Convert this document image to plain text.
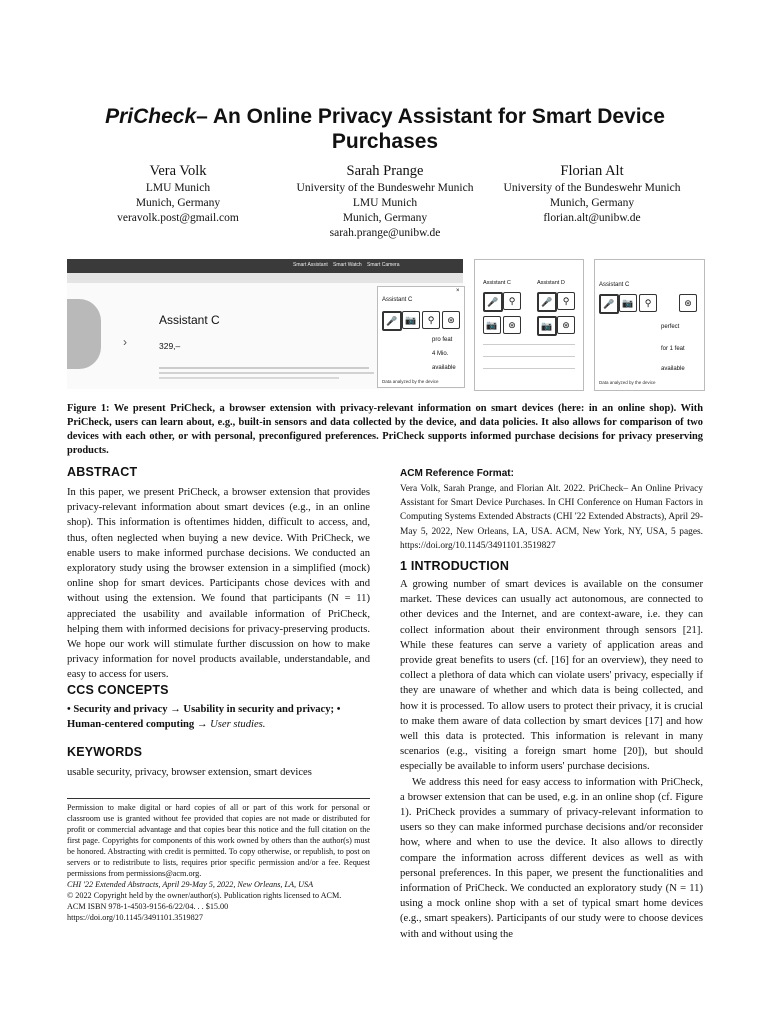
PriCheck– An Online Privacy Assistant for Smart Device Purchases
Vera Volk
LMU Munich
Munich, Germany
veravolk.post@gmail.com
Sarah Prange
University of the Bundeswehr Munich
LMU Munich
Munich, Germany
sarah.prange@unibw.de
Florian Alt
University of the Bundeswehr Munich
Munich, Germany
florian.alt@unibw.de
Smart Assistant Smart Watch Smart Camera
›
Assistant C
329,–
×
Assistant C
🎤 📷	⚲	⊛
pro feat
4 Mio.
available
Data analyzed by the device
Assistant C	Assistant D
🎤	⚲	🎤	⚲
📷	⊛	📷	⊛
Assistant C
🎤 📷	⚲	⊛
perfect
for 1 feat
available
Data analyzed by the device
Figure 1: We present PriCheck, a browser extension with privacy-relevant information on smart devices (here: in an online shop). With PriCheck, users can learn about, e.g., built-in sensors and data collected by the device, and data policies. It also allows for comparison of two devices with each other, or with personal, preconfigured preferences. PriCheck supports informed purchase decisions for privacy preserving products.
ABSTRACT
In this paper, we present PriCheck, a browser extension that provides privacy-relevant information about smart devices (e.g., in an online shop). This information is oftentimes hidden, difficult to access, and, thus, often neglected when buying a new device. With PriCheck, we enable users to make informed purchase decisions. We conducted an exploratory study using the browser extension in a simplified (mock) online shop for smart devices. Participants chose devices with and without using the extension. We found that participants (N = 11) appreciated the usability and available information of PriCheck, helping them with informed decisions for privacy-preserving products. We hope our work will stimulate further discussion on how to make privacy information for novel products available, understandable, and easy to access for users.
CCS CONCEPTS
• Security and privacy → Usability in security and privacy; •
Human-centered computing → User studies.
KEYWORDS
usable security, privacy, browser extension, smart devices
Permission to make digital or hard copies of all or part of this work for personal or classroom use is granted without fee provided that copies are not made or distributed for profit or commercial advantage and that copies bear this notice and the full citation on the first page. Copyrights for components of this work owned by others than the author(s) must be honored. Abstracting with credit is permitted. To copy otherwise, or republish, to post on servers or to redistribute to lists, requires prior specific permission and/or a fee. Request permissions from permissions@acm.org.
CHI '22 Extended Abstracts, April 29-May 5, 2022, New Orleans, LA, USA
© 2022 Copyright held by the owner/author(s). Publication rights licensed to ACM.
ACM ISBN 978-1-4503-9156-6/22/04. . . $15.00
https://doi.org/10.1145/3491101.3519827
ACM Reference Format:
Vera Volk, Sarah Prange, and Florian Alt. 2022. PriCheck– An Online Privacy Assistant for Smart Device Purchases. In CHI Conference on Human Factors in Computing Systems Extended Abstracts (CHI '22 Extended Abstracts), April 29-May 5, 2022, New Orleans, LA, USA. ACM, New York, NY, USA, 5 pages. https://doi.org/10.1145/3491101.3519827
1 INTRODUCTION

A growing number of smart devices is available on the consumer market. These devices can usually act autonomous, are connected to other devices and the Internet, and are context-aware, i.e. they can collect information about their environment through sensors [21]. While these features can serve a variety of application areas and provide great benefits to users (cf. [16] for an overview), they need to collect a plethora of data which can violate users' privacy, especially if they are unaware of whether and which data is being collected, and how it is processed. To allow users to protect their privacy, it is crucial to make them aware of data collection by smart devices [17] and how well this data is protected. This information is relevant in many scenarios (e.g., visiting a foreign smart home [20]), but should especially be available to inform users' purchase decisions.

We address this need for easy access to information with PriCheck, a browser extension that can be used, e.g. in an online shop (cf. Figure 1). PriCheck provides a summary of privacy-relevant information to users so they can make informed purchase decisions and/or reconsider how, where and when to use the device. It also allows to directly compare the information across different devices as well as with personal preferences. In this paper, we present the functionalities and information of PriCheck. We conducted an exploratory study (N = 11) using a mock online shop with a set of typical smart home devices (e.g., smart speakers). Participants of our study were to choose devices with and without using the
